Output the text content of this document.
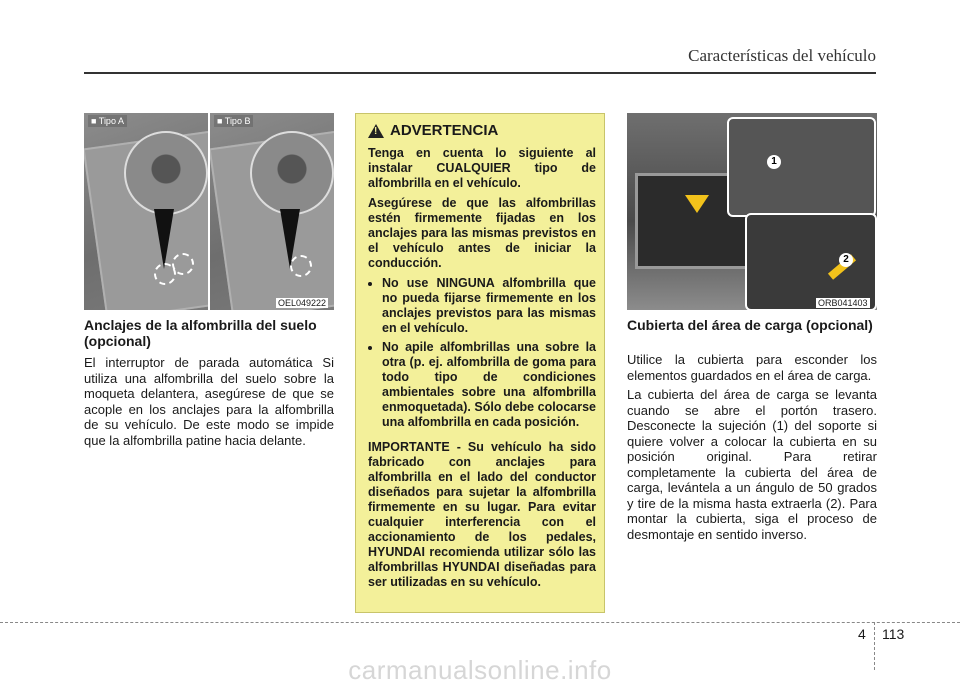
Características del vehículo
■ Tipo A	■ Tipo B
OEL049222
Anclajes de la alfombrilla del suelo (opcional)
El interruptor de parada automática Si utiliza una alfombrilla del suelo sobre la moqueta delantera, asegúrese de que se acople en los anclajes para la alfombrilla de su vehículo. De este modo se impide que la alfombrilla patine hacia delante.
!
ADVERTENCIA

Tenga en cuenta lo siguiente al instalar CUALQUIER tipo de alfombrilla en el vehículo.

Asegúrese de que las alfombrillas estén firmemente fijadas en los anclajes para las mismas previstos en el vehículo antes de iniciar la conducción.

• No use NINGUNA alfombrilla que no pueda fijarse firmemente en los anclajes previstos para las mismas en el vehículo.
• No apile alfombrillas una sobre la otra (p. ej. alfombrilla de goma para todo tipo de condiciones ambientales sobre una alfombrilla enmoquetada). Sólo debe colocarse una alfombrilla en cada posición.

IMPORTANTE - Su vehículo ha sido fabricado con anclajes para alfombrilla en el lado del conductor diseñados para sujetar la alfombrilla firmemente en su lugar. Para evitar cualquier interferencia con el accionamiento de los pedales, HYUNDAI recomienda utilizar sólo las alfombrillas HYUNDAI diseñadas para ser utilizadas en su vehículo.

1
2
ORB041403
Cubierta del área de carga (opcional)

Utilice la cubierta para esconder los elementos guardados en el área de carga.

La cubierta del área de carga se levanta cuando se abre el portón trasero. Desconecte la sujeción (1) del soporte si quiere volver a colocar la cubierta en su posición original. Para retirar completamente la cubierta del área de carga, levántela a un ángulo de 50 grados y tire de la misma hasta extraerla (2). Para montar la cubierta, siga el proceso de desmontaje en sentido inverso.

4 113
carmanualsonline.info
